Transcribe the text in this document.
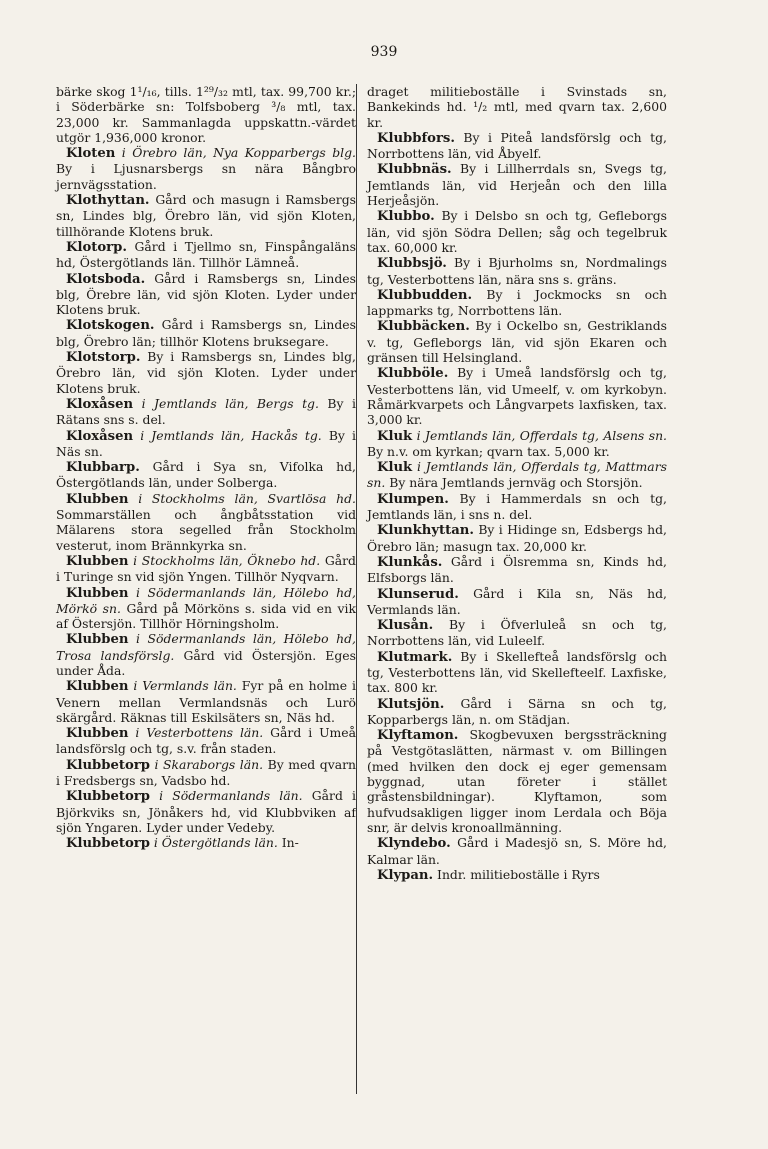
939

bärke skog 1¹/₁₆, tills. 1²⁹/₃₂ mtl, tax. 99,700 kr.; i Söderbärke sn: Tolfsboberg ³/₈ mtl, tax. 23,000 kr. Sammanlagda uppskattn.-värdet utgör 1,936,000 kronor.

Kloten i Örebro län, Nya Kopparbergs blg. By i Ljusnarsbergs sn nära Bångbro jernvägsstation.

Klothyttan. Gård och masugn i Ramsbergs sn, Lindes blg, Örebro län, vid sjön Kloten, tillhörande Klotens bruk.

Klotorp. Gård i Tjellmo sn, Finspångaläns hd, Östergötlands län. Tillhör Lämneå.

Klotsboda. Gård i Ramsbergs sn, Lindes blg, Örebre län, vid sjön Kloten. Lyder under Klotens bruk.

Klotskogen. Gård i Ramsbergs sn, Lindes blg, Örebro län; tillhör Klotens bruksegare.

Klotstorp. By i Ramsbergs sn, Lindes blg, Örebro län, vid sjön Kloten. Lyder under Klotens bruk.

Kloxåsen i Jemtlands län, Bergs tg. By i Rätans sns s. del.

Kloxåsen i Jemtlands län, Hackås tg. By i Näs sn.

Klubbarp. Gård i Sya sn, Vifolka hd, Östergötlands län, under Solberga.

Klubben i Stockholms län, Svartlösa hd. Sommarställen och ångbåtsstation vid Mälarens stora segelled från Stockholm vesterut, inom Brännkyrka sn.

Klubben i Stockholms län, Öknebo hd. Gård i Turinge sn vid sjön Yngen. Tillhör Nyqvarn.

Klubben i Södermanlands län, Hölebo hd, Mörkö sn. Gård på Mörköns s. sida vid en vik af Östersjön. Tillhör Hörningsholm.

Klubben i Södermanlands län, Hölebo hd, Trosa landsförslg. Gård vid Östersjön. Eges under Åda.

Klubben i Vermlands län. Fyr på en holme i Venern mellan Vermlandsnäs och Lurö skärgård. Räknas till Eskilsäters sn, Näs hd.

Klubben i Vesterbottens län. Gård i Umeå landsförslg och tg, s.v. från staden.

Klubbetorp i Skaraborgs län. By med qvarn i Fredsbergs sn, Vadsbo hd.

Klubbetorp i Södermanlands län. Gård i Björkviks sn, Jönåkers hd, vid Klubbviken af sjön Yngaren. Lyder under Vedeby.

Klubbetorp i Östergötlands län. In-

draget militieboställe i Svinstads sn, Bankekinds hd. ¹/₂ mtl, med qvarn tax. 2,600 kr.

Klubbfors. By i Piteå landsförslg och tg, Norrbottens län, vid Åbyelf.

Klubbnäs. By i Lillherrdals sn, Svegs tg, Jemtlands län, vid Herjeån och den lilla Herjeåsjön.

Klubbo. By i Delsbo sn och tg, Gefleborgs län, vid sjön Södra Dellen; såg och tegelbruk tax. 60,000 kr.

Klubbsjö. By i Bjurholms sn, Nordmalings tg, Vesterbottens län, nära sns s. gräns.

Klubbudden. By i Jockmocks sn och lappmarks tg, Norrbottens län.

Klubbäcken. By i Ockelbo sn, Gestriklands v. tg, Gefleborgs län, vid sjön Ekaren och gränsen till Helsingland.

Klubböle. By i Umeå landsförslg och tg, Vesterbottens län, vid Umeelf, v. om kyrkobyn. Råmärkvarpets och Långvarpets laxfisken, tax. 3,000 kr.

Kluk i Jemtlands län, Offerdals tg, Alsens sn. By n.v. om kyrkan; qvarn tax. 5,000 kr.

Kluk i Jemtlands län, Offerdals tg, Mattmars sn. By nära Jemtlands jernväg och Storsjön.

Klumpen. By i Hammerdals sn och tg, Jemtlands län, i sns n. del.

Klunkhyttan. By i Hidinge sn, Edsbergs hd, Örebro län; masugn tax. 20,000 kr.

Klunkås. Gård i Ölsremma sn, Kinds hd, Elfsborgs län.

Klunserud. Gård i Kila sn, Näs hd, Vermlands län.

Klusån. By i Öfverluleå sn och tg, Norrbottens län, vid Luleelf.

Klutmark. By i Skellefteå landsförslg och tg, Vesterbottens län, vid Skellefteelf. Laxfiske, tax. 800 kr.

Klutsjön. Gård i Särna sn och tg, Kopparbergs län, n. om Städjan.

Klyftamon. Skogbevuxen bergssträckning på Vestgötaslätten, närmast v. om Billingen (med hvilken den dock ej eger gemensam byggnad, utan företer i stället gråstensbildningar). Klyftamon, som hufvudsakligen ligger inom Lerdala och Böja snr, är delvis kronoallmänning.

Klyndebo. Gård i Madesjö sn, S. Möre hd, Kalmar län.

Klypan. Indr. militieboställe i Ryrs
